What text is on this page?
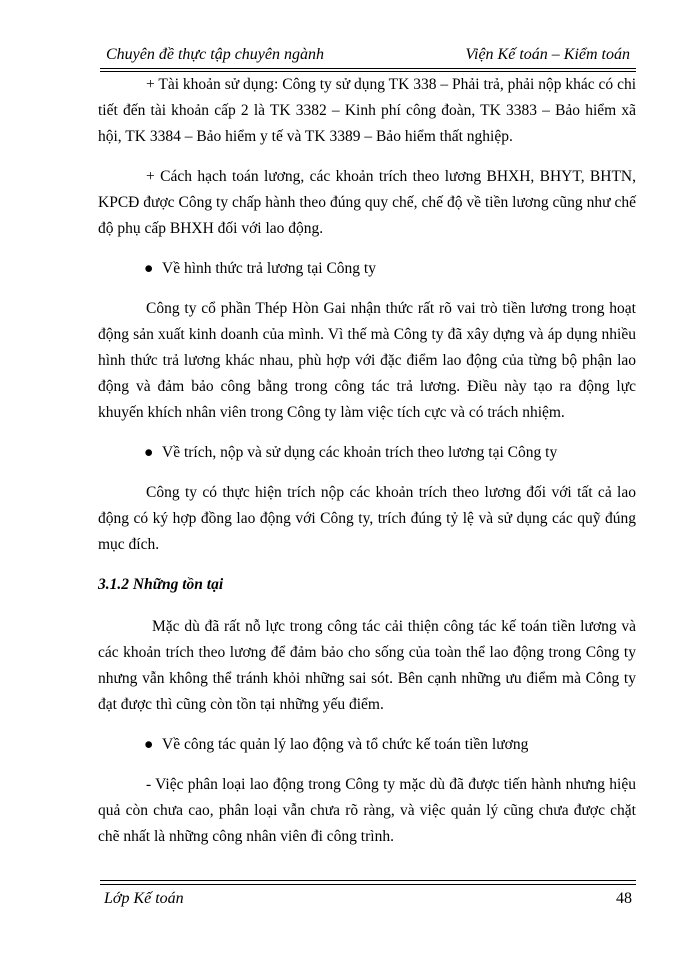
Chuyên đề thực tập chuyên ngành	Viện Kế toán – Kiểm toán

+ Tài khoản sử dụng: Công ty sử dụng TK 338 – Phải trả, phải nộp khác có chi tiết đến tài khoản cấp 2 là TK 3382 – Kinh phí công đoàn, TK 3383 – Bảo hiểm xã hội, TK 3384 – Bảo hiểm y tế và TK 3389 – Bảo hiểm thất nghiệp.

+ Cách hạch toán lương, các khoản trích theo lương BHXH, BHYT, BHTN, KPCĐ được Công ty chấp hành theo đúng quy chế, chế độ về tiền lương cũng như chế độ phụ cấp BHXH đối với lao động.

● Về hình thức trả lương tại Công ty

Công ty cổ phần Thép Hòn Gai nhận thức rất rõ vai trò tiền lương trong hoạt động sản xuất kinh doanh của mình. Vì thế mà Công ty đã xây dựng và áp dụng nhiều hình thức trả lương khác nhau, phù hợp với đặc điểm lao động của từng bộ phận lao động và đảm bảo công bằng trong công tác trả lương. Điều này tạo ra động lực khuyến khích nhân viên trong Công ty làm việc tích cực và có trách nhiệm.

● Về trích, nộp và sử dụng các khoản trích theo lương tại Công ty

Công ty có thực hiện trích nộp các khoản trích theo lương đối với tất cả lao động có ký hợp đồng lao động với Công ty, trích đúng tỷ lệ và sử dụng các quỹ đúng mục đích.

3.1.2 Những tồn tại

Mặc dù đã rất nỗ lực trong công tác cải thiện công tác kế toán tiền lương và các khoản trích theo lương để đảm bảo cho sống của toàn thể lao động trong Công ty nhưng vẫn không thể tránh khỏi những sai sót. Bên cạnh những ưu điểm mà Công ty đạt được thì cũng còn tồn tại những yếu điểm.

● Về công tác quản lý lao động và tổ chức kế toán tiền lương

- Việc phân loại lao động trong Công ty mặc dù đã được tiến hành nhưng hiệu quả còn chưa cao, phân loại vẫn chưa rõ ràng, và việc quản lý cũng chưa được chặt chẽ nhất là những công nhân viên đi công trình.

Lớp Kế toán	48
